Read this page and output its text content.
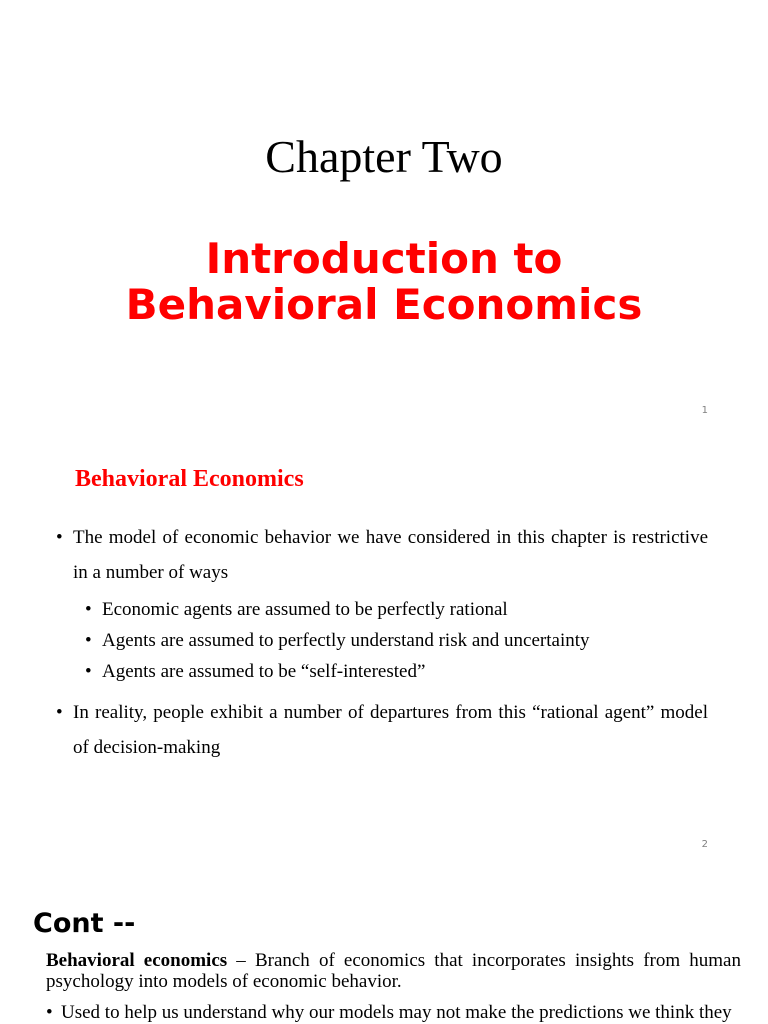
Chapter Two
Introduction to
Behavioral Economics
1
Behavioral Economics
• The model of economic behavior we have considered in this chapter is restrictive in a number of ways
• Economic agents are assumed to be perfectly rational
• Agents are assumed to perfectly understand risk and uncertainty
• Agents are assumed to be “self-interested”
• In reality, people exhibit a number of departures from this “rational agent” model of decision-making
2
Cont --

Behavioral economics – Branch of economics that incorporates insights from human psychology into models of economic behavior.

• Used to help us understand why our models may not make the predictions we think they
